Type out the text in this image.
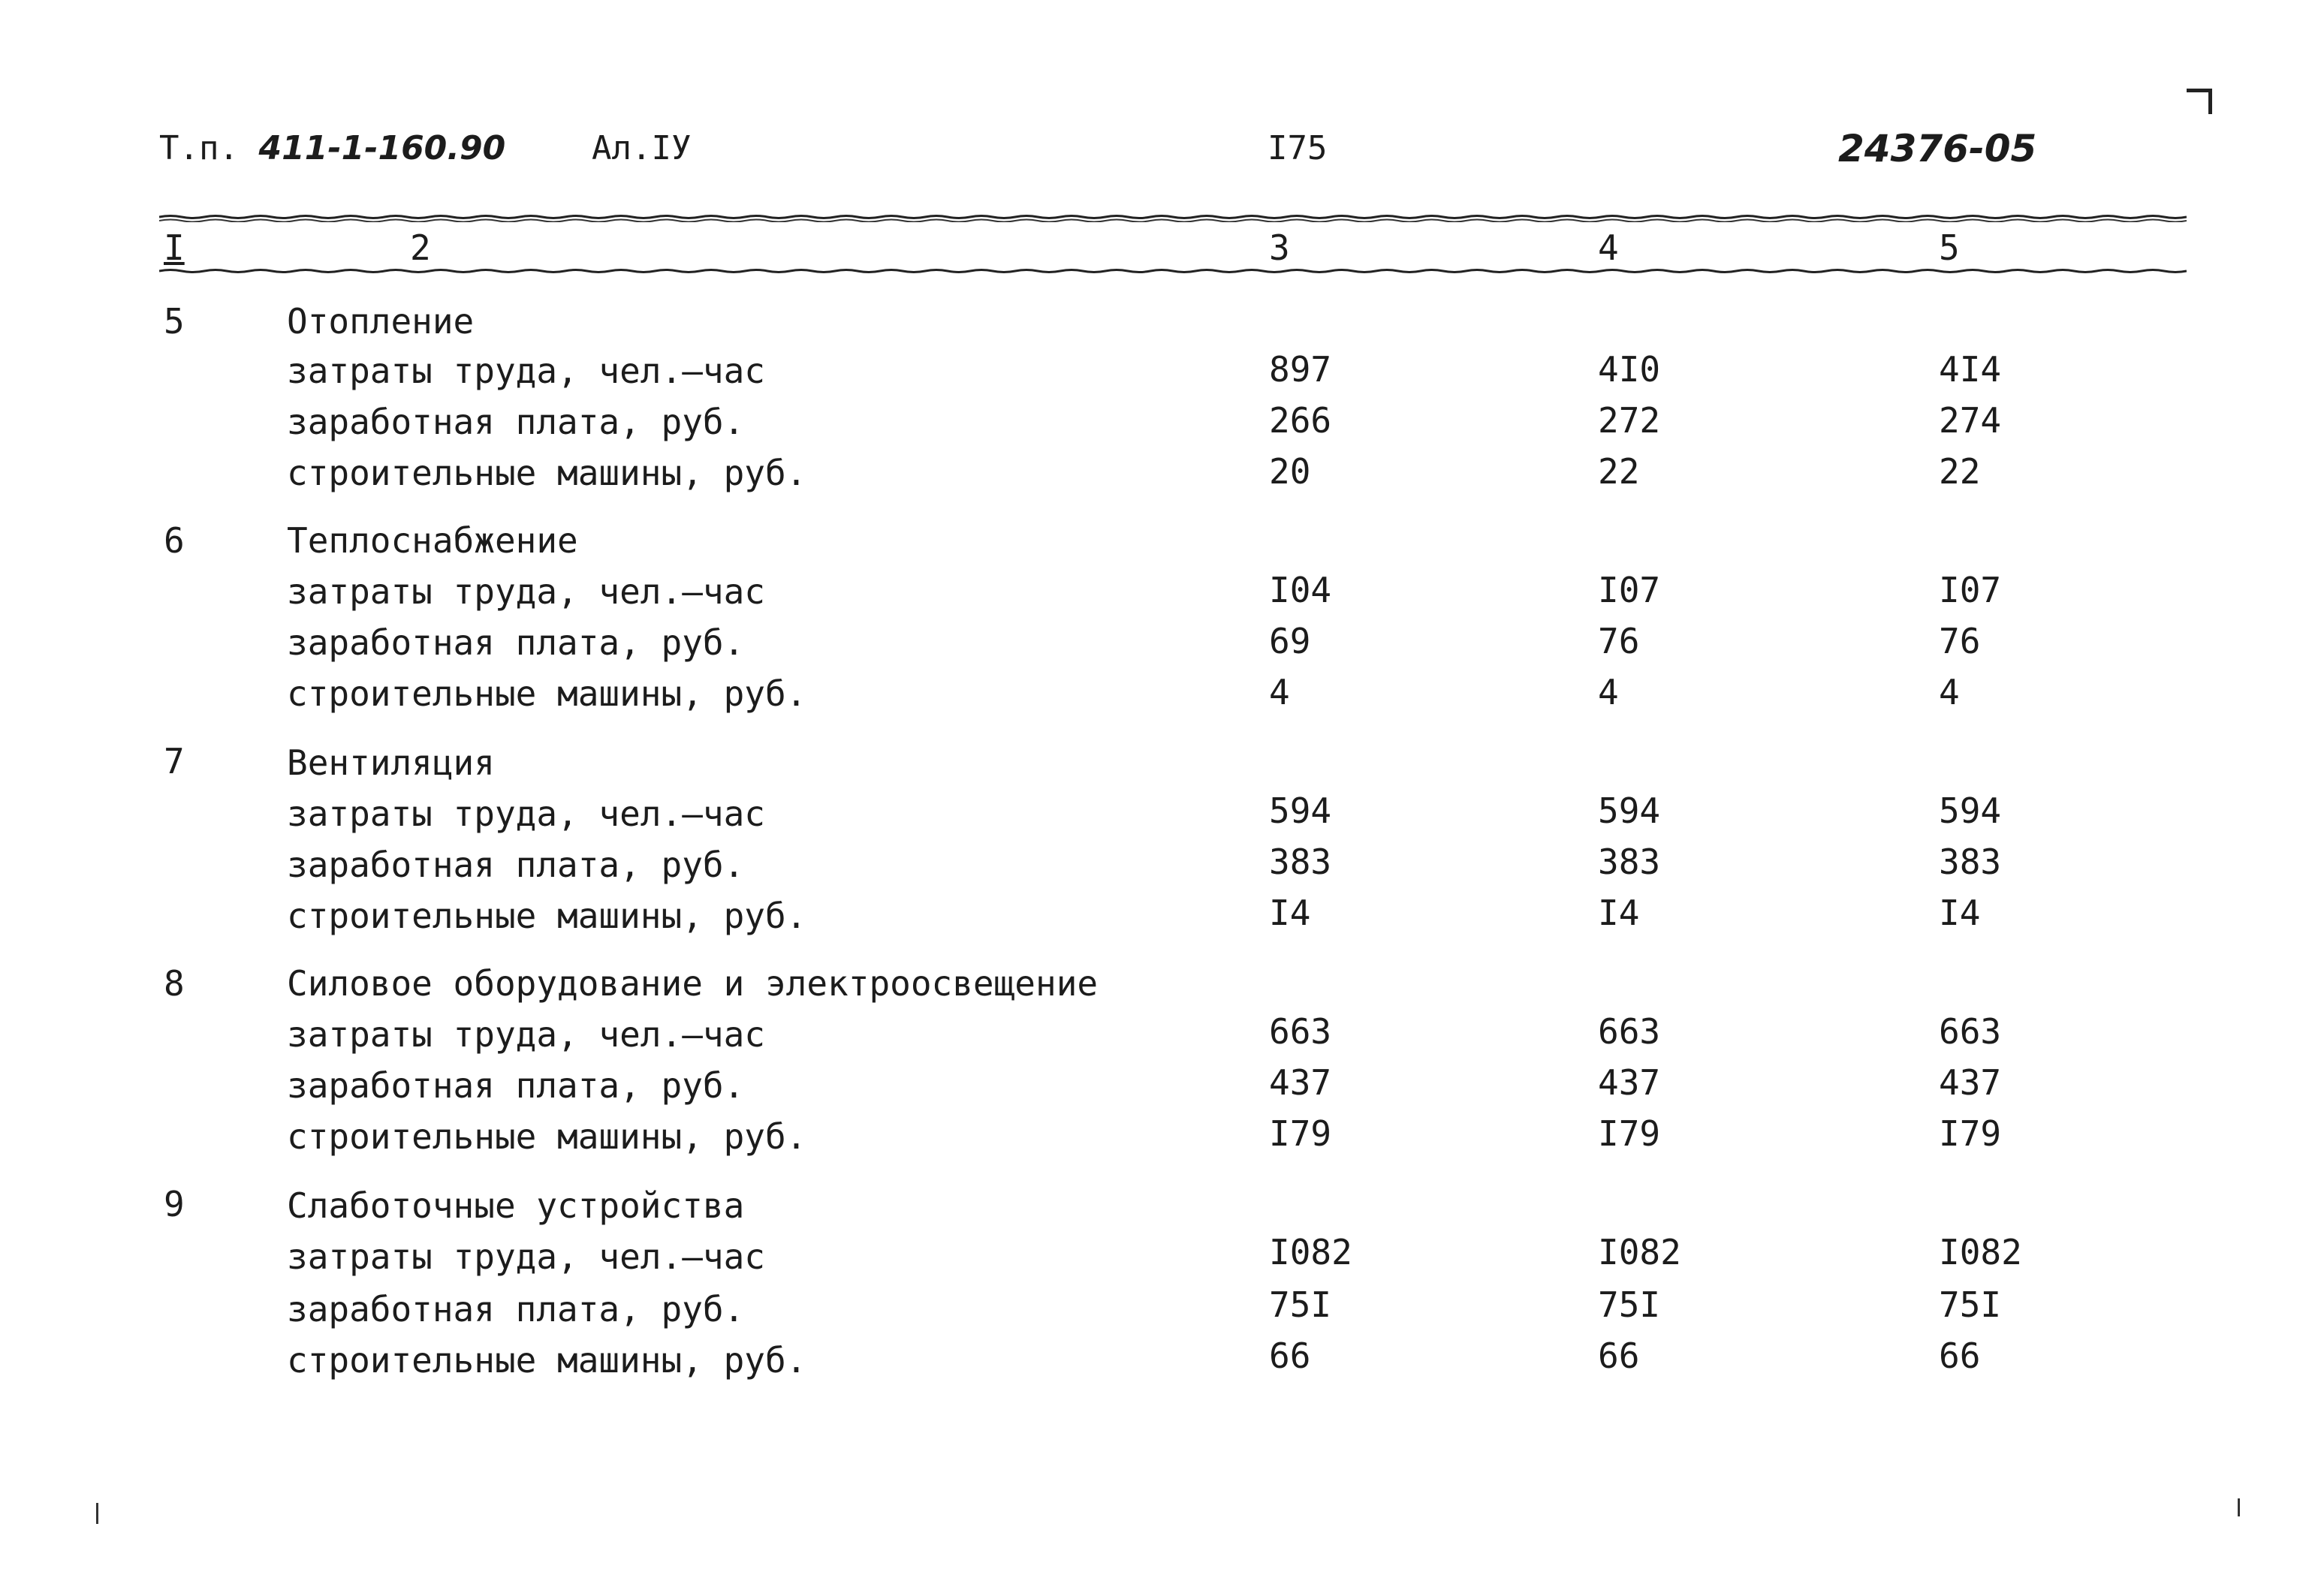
Т.п. 411-1-160.90	Ал.IУ	I75	24376-05
I	2	3	4	5
5	Отопление
затраты труда, чел.–час	897	4I0	4I4
заработная плата, руб.	266	272	274
строительные машины, руб.	20	22	22
6	Теплоснабжение
затраты труда, чел.–час	I04	I07	I07
заработная плата, руб.	69	76	76
строительные машины, руб.	4	4	4
7	Вентиляция
затраты труда, чел.–час	594	594	594
заработная плата, руб.	383	383	383
строительные машины, руб.	I4	I4	I4
8	Силовое оборудование и электроосвещение
затраты труда, чел.–час	663	663	663
заработная плата, руб.	437	437	437
строительные машины, руб.	I79	I79	I79
9	Слаботочные устройства
затраты труда, чел.–час	I082	I082	I082
заработная плата, руб.	75I	75I	75I
строительные машины, руб.	66	66	66
